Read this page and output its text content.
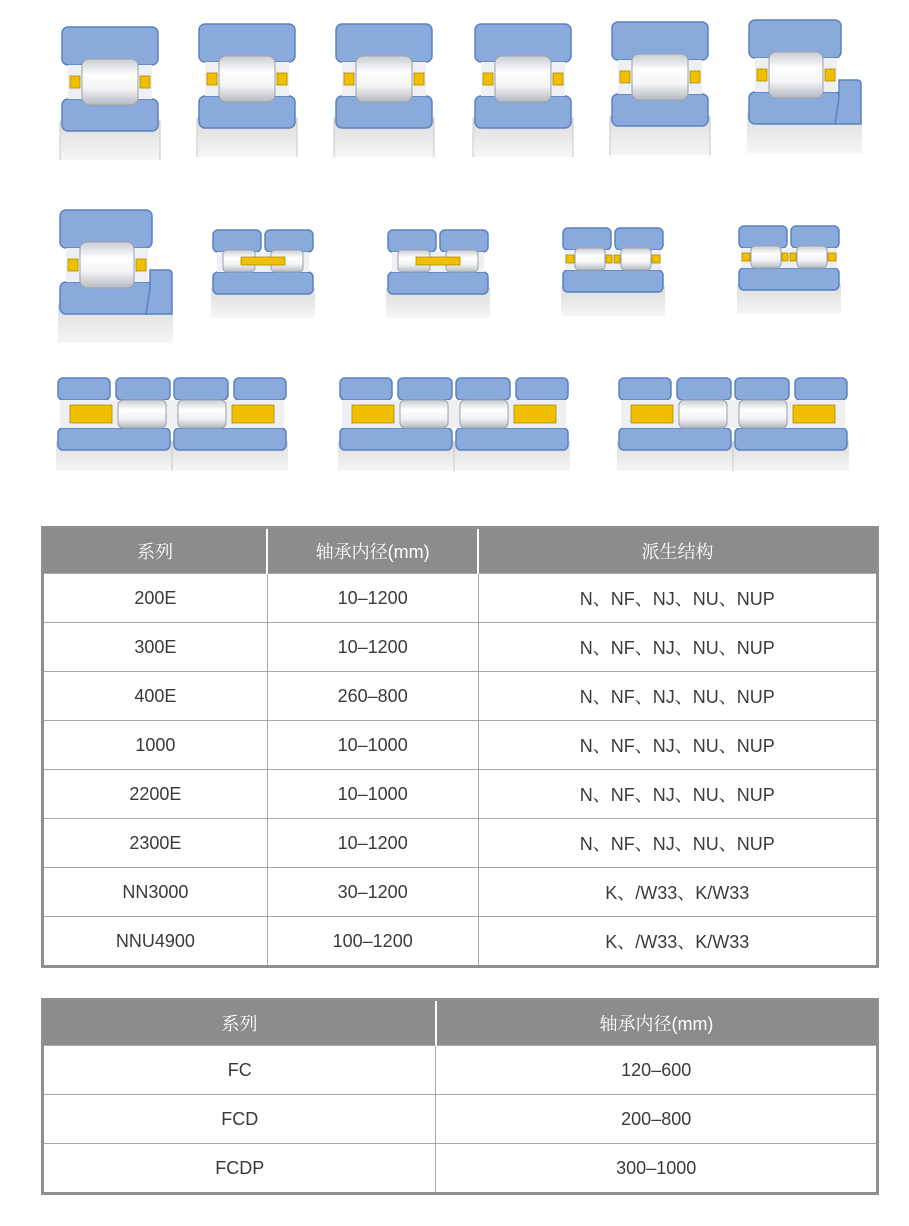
系列	轴承内径(mm)	派生结构
200E	10–1200	N、NF、NJ、NU、NUP
300E	10–1200	N、NF、NJ、NU、NUP
400E	260–800	N、NF、NJ、NU、NUP
1000	10–1000	N、NF、NJ、NU、NUP
2200E	10–1000	N、NF、NJ、NU、NUP
2300E	10–1200	N、NF、NJ、NU、NUP
NN3000	30–1200	K、/W33、K/W33
NNU4900	100–1200	K、/W33、K/W33
系列	轴承内径(mm)
FC	120–600
FCD	200–800
FCDP	300–1000
